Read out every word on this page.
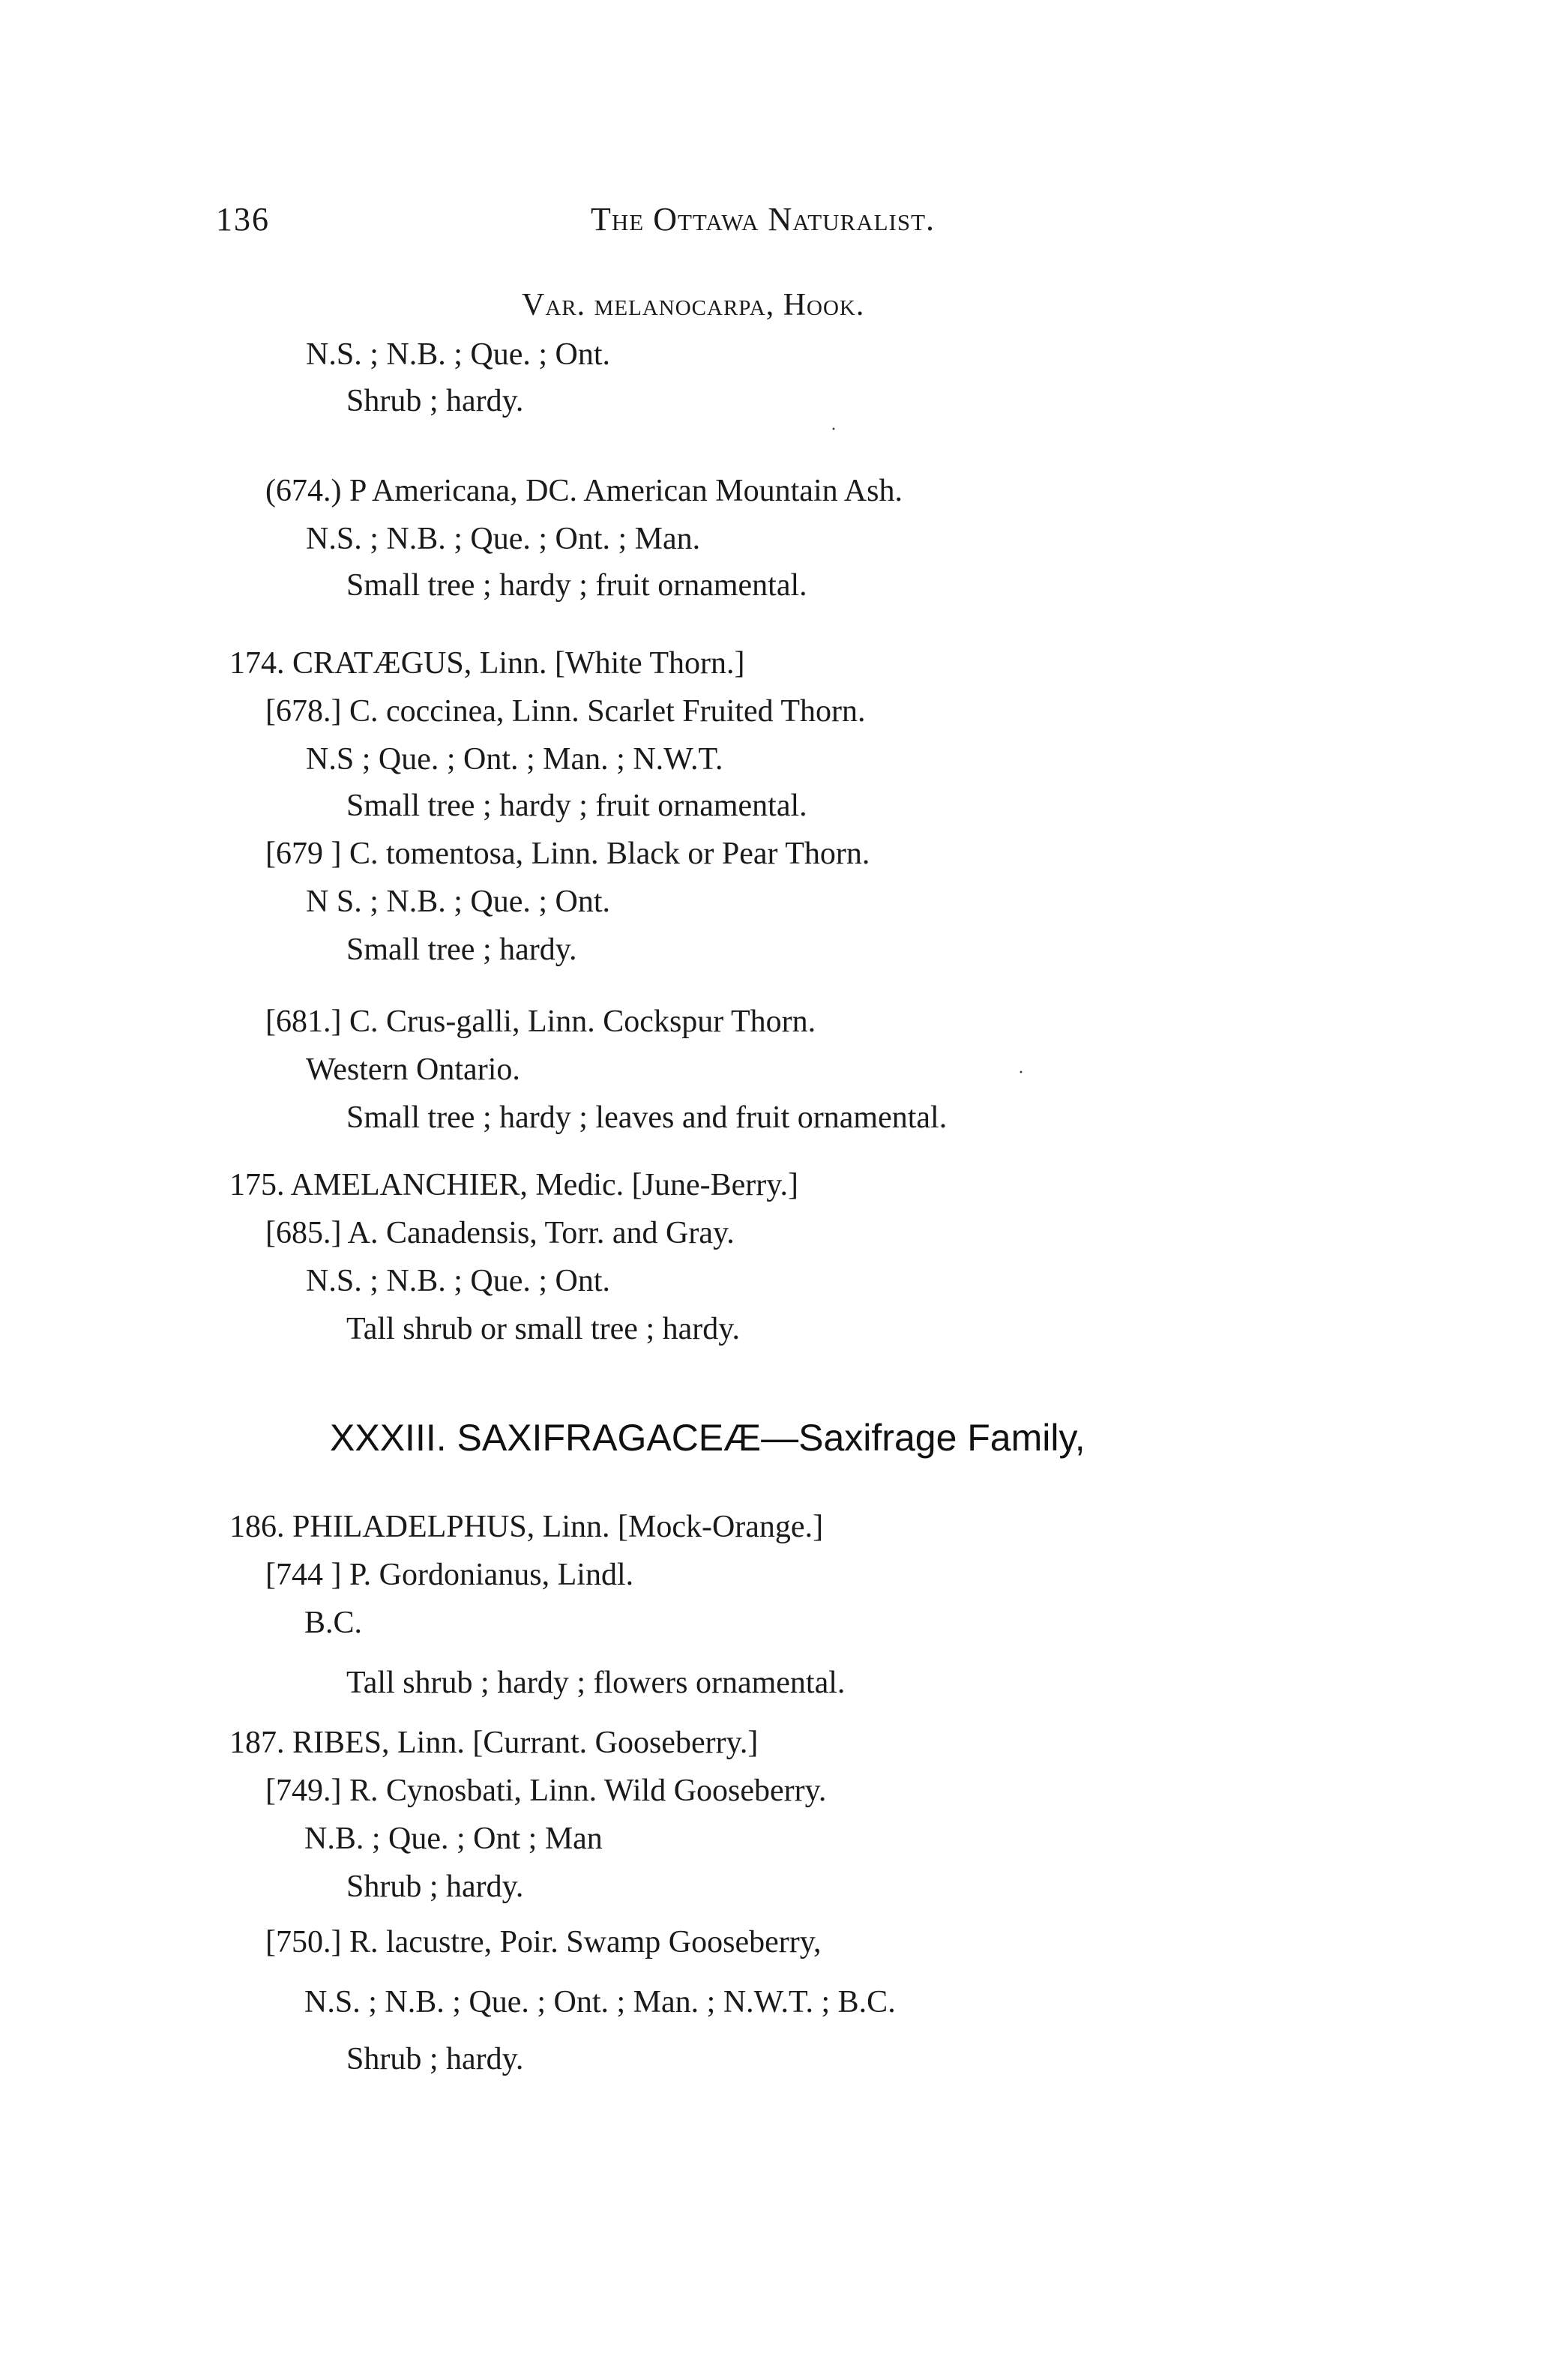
136	The Ottawa Naturalist.
Var. melanocarpa, Hook.
N.S. ; N.B. ; Que. ; Ont.
Shrub ; hardy.
·
(674.) P Americana, DC. American Mountain Ash.
N.S. ; N.B. ; Que. ; Ont. ; Man.
Small tree ; hardy ; fruit ornamental.
174. CRATÆGUS, Linn. [White Thorn.]
[678.] C. coccinea, Linn. Scarlet Fruited Thorn.
N.S ; Que. ; Ont. ; Man. ; N.W.T.
Small tree ; hardy ; fruit ornamental.
[679 ] C. tomentosa, Linn. Black or Pear Thorn.
N S. ; N.B. ; Que. ; Ont.
Small tree ; hardy.
[681.] C. Crus-galli, Linn. Cockspur Thorn.
Western Ontario.	·
Small tree ; hardy ; leaves and fruit ornamental.
175. AMELANCHIER, Medic. [June-Berry.]
[685.] A. Canadensis, Torr. and Gray.
N.S. ; N.B. ; Que. ; Ont.
Tall shrub or small tree ; hardy.
XXXIII. SAXIFRAGACEÆ—Saxifrage Family,
186. PHILADELPHUS, Linn. [Mock-Orange.]
[744 ] P. Gordonianus, Lindl.
B.C.
Tall shrub ; hardy ; flowers ornamental.
187. RIBES, Linn. [Currant. Gooseberry.]
[749.] R. Cynosbati, Linn. Wild Gooseberry.
N.B. ; Que. ; Ont ; Man
Shrub ; hardy.
[750.] R. lacustre, Poir. Swamp Gooseberry,
N.S. ; N.B. ; Que. ; Ont. ; Man. ; N.W.T. ; B.C.
Shrub ; hardy.
